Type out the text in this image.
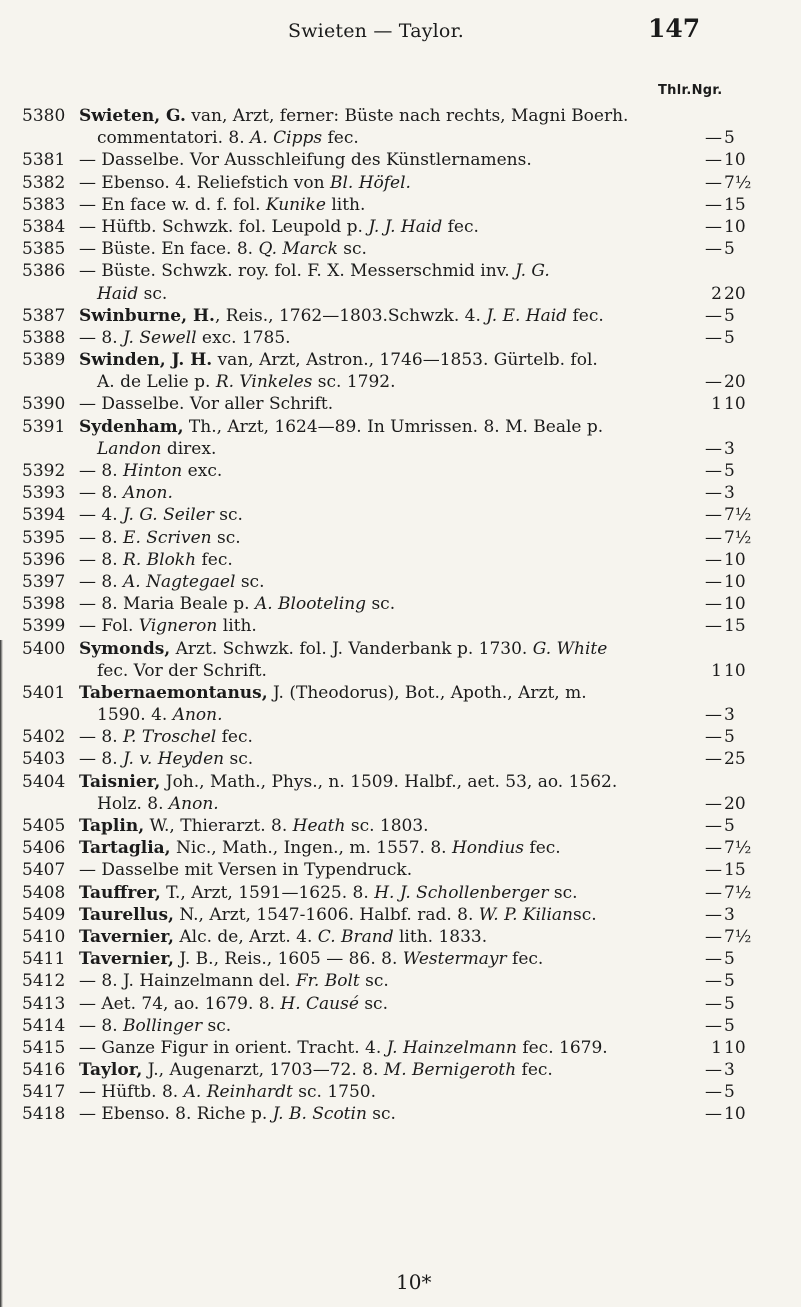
Swieten — Taylor.	147
Thlr.Ngr.
5380 Swieten, G. van, Arzt, ferner: Büste nach rechts, Magni Boerh.
commentatori. 8. A. Cipps fec.	— 5
5381 — Dasselbe. Vor Ausschleifung des Künstlernamens.	— 10
5382 — Ebenso. 4. Reliefstich von Bl. Höfel.	— 7½
5383 — En face w. d. f. fol. Kunike lith.	— 15
5384 — Hüftb. Schwzk. fol. Leupold p. J. J. Haid fec.	— 10
5385 — Büste. En face. 8. Q. Marck sc.	— 5
5386 — Büste. Schwzk. roy. fol. F. X. Messerschmid inv. J. G.
Haid sc.	2 20
5387 Swinburne, H., Reis., 1762—1803.Schwzk. 4. J. E. Haid fec.	— 5
5388 — 8. J. Sewell exc. 1785.	— 5
5389 Swinden, J. H. van, Arzt, Astron., 1746—1853. Gürtelb. fol.
A. de Lelie p. R. Vinkeles sc. 1792.	— 20
5390 — Dasselbe. Vor aller Schrift.	1 10
5391 Sydenham, Th., Arzt, 1624—89. In Umrissen. 8. M. Beale p.
Landon direx.	— 3
5392 — 8. Hinton exc.	— 5
5393 — 8. Anon.	— 3
5394 — 4. J. G. Seiler sc.	— 7½
5395 — 8. E. Scriven sc.	— 7½
5396 — 8. R. Blokh fec.	— 10
5397 — 8. A. Nagtegael sc.	— 10
5398 — 8. Maria Beale p. A. Blooteling sc.	— 10
5399 — Fol. Vigneron lith.	— 15
5400 Symonds, Arzt. Schwzk. fol. J. Vanderbank p. 1730. G. White
fec. Vor der Schrift.	1 10
5401 Tabernaemontanus, J. (Theodorus), Bot., Apoth., Arzt, m.
1590. 4. Anon.	— 3
5402 — 8. P. Troschel fec.	— 5
5403 — 8. J. v. Heyden sc.	— 25
5404 Taisnier, Joh., Math., Phys., n. 1509. Halbf., aet. 53, ao. 1562.
Holz. 8. Anon.	— 20
5405 Taplin, W., Thierarzt. 8. Heath sc. 1803.	— 5
5406 Tartaglia, Nic., Math., Ingen., m. 1557. 8. Hondius fec.	— 7½
5407 — Dasselbe mit Versen in Typendruck.	— 15
5408 Tauffrer, T., Arzt, 1591—1625. 8. H. J. Schollenberger sc.	— 7½
5409 Taurellus, N., Arzt, 1547-1606. Halbf. rad. 8. W. P. Kiliansc.	— 3
5410 Tavernier, Alc. de, Arzt. 4. C. Brand lith. 1833.	— 7½
5411 Tavernier, J. B., Reis., 1605 — 86. 8. Westermayr fec.	— 5
5412 — 8. J. Hainzelmann del. Fr. Bolt sc.	— 5
5413 — Aet. 74, ao. 1679. 8. H. Causé sc.	— 5
5414 — 8. Bollinger sc.	— 5
5415 — Ganze Figur in orient. Tracht. 4. J. Hainzelmann fec. 1679.	1 10
5416 Taylor, J., Augenarzt, 1703—72. 8. M. Bernigeroth fec.	— 3
5417 — Hüftb. 8. A. Reinhardt sc. 1750.	— 5
5418 — Ebenso. 8. Riche p. J. B. Scotin sc.	— 10
10*
